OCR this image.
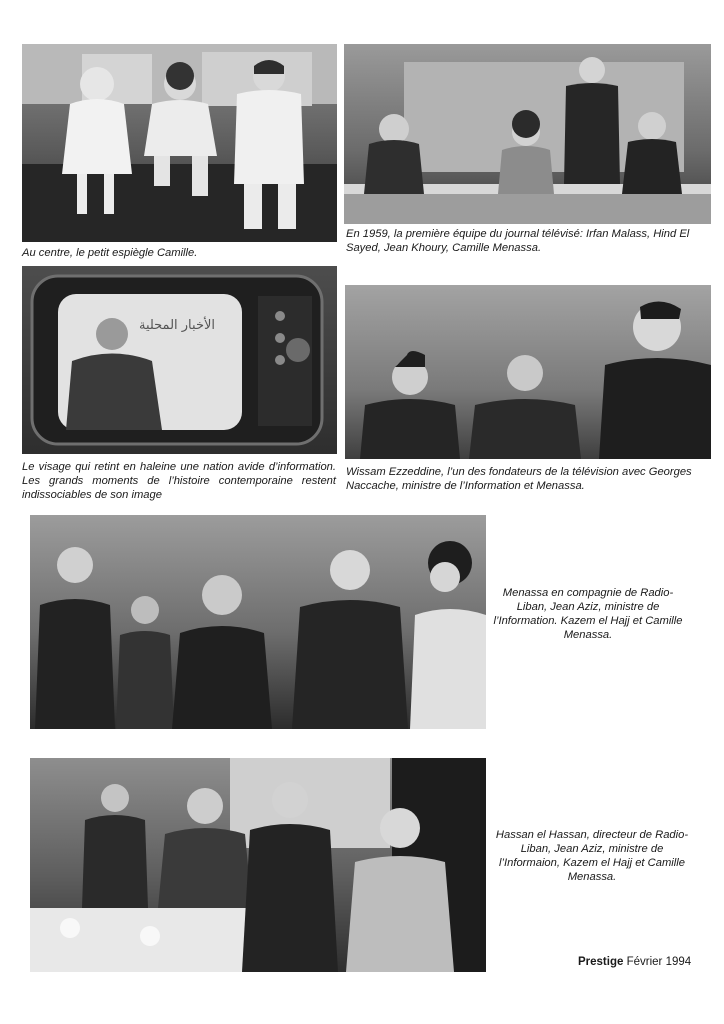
Au centre, le petit espiègle Camille.

En 1959, la première équipe du journal télévisé: Irfan Malass, Hind El Sayed, Jean Khoury, Camille Menassa.

الأخبار المحلية

Le visage qui retint en haleine une nation avide d’information. Les grands moments de l’histoire contemporaine restent indissociables de son image

Wissam Ezzeddine, l’un des fondateurs de la télévision avec Georges Naccache, ministre de l’Information et Menassa.

Menassa en compagnie de Radio-Liban, Jean Aziz, ministre de l’Information. Kazem el Hajj et Camille Menassa.

Hassan el Hassan, directeur de Radio-Liban, Jean Aziz, ministre de l’Informaion, Kazem el Hajj et Camille Menassa.

Prestige Février 1994
